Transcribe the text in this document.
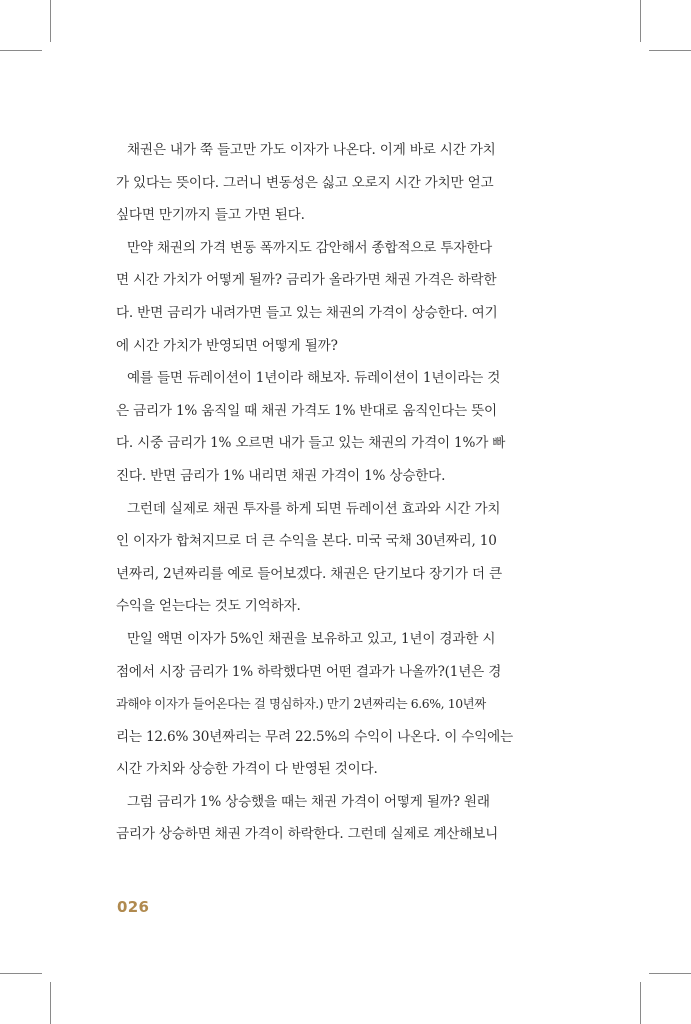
채권은 내가 쭉 들고만 가도 이자가 나온다. 이게 바로 시간 가치
가 있다는 뜻이다. 그러니 변동성은 싫고 오로지 시간 가치만 얻고
싶다면 만기까지 들고 가면 된다.
만약 채권의 가격 변동 폭까지도 감안해서 종합적으로 투자한다
면 시간 가치가 어떻게 될까? 금리가 올라가면 채권 가격은 하락한
다. 반면 금리가 내려가면 들고 있는 채권의 가격이 상승한다. 여기
에 시간 가치가 반영되면 어떻게 될까?
예를 들면 듀레이션이 1년이라 해보자. 듀레이션이 1년이라는 것
은 금리가 1% 움직일 때 채권 가격도 1% 반대로 움직인다는 뜻이
다. 시중 금리가 1% 오르면 내가 들고 있는 채권의 가격이 1%가 빠
진다. 반면 금리가 1% 내리면 채권 가격이 1% 상승한다.
그런데 실제로 채권 투자를 하게 되면 듀레이션 효과와 시간 가치
인 이자가 합쳐지므로 더 큰 수익을 본다. 미국 국채 30년짜리, 10
년짜리, 2년짜리를 예로 들어보겠다. 채권은 단기보다 장기가 더 큰
수익을 얻는다는 것도 기억하자.
만일 액면 이자가 5%인 채권을 보유하고 있고, 1년이 경과한 시
점에서 시장 금리가 1% 하락했다면 어떤 결과가 나올까?(1년은 경
과해야 이자가 들어온다는 걸 명심하자.) 만기 2년짜리는 6.6%, 10년짜
리는 12.6% 30년짜리는 무려 22.5%의 수익이 나온다. 이 수익에는
시간 가치와 상승한 가격이 다 반영된 것이다.
그럼 금리가 1% 상승했을 때는 채권 가격이 어떻게 될까? 원래
금리가 상승하면 채권 가격이 하락한다. 그런데 실제로 계산해보니
026
